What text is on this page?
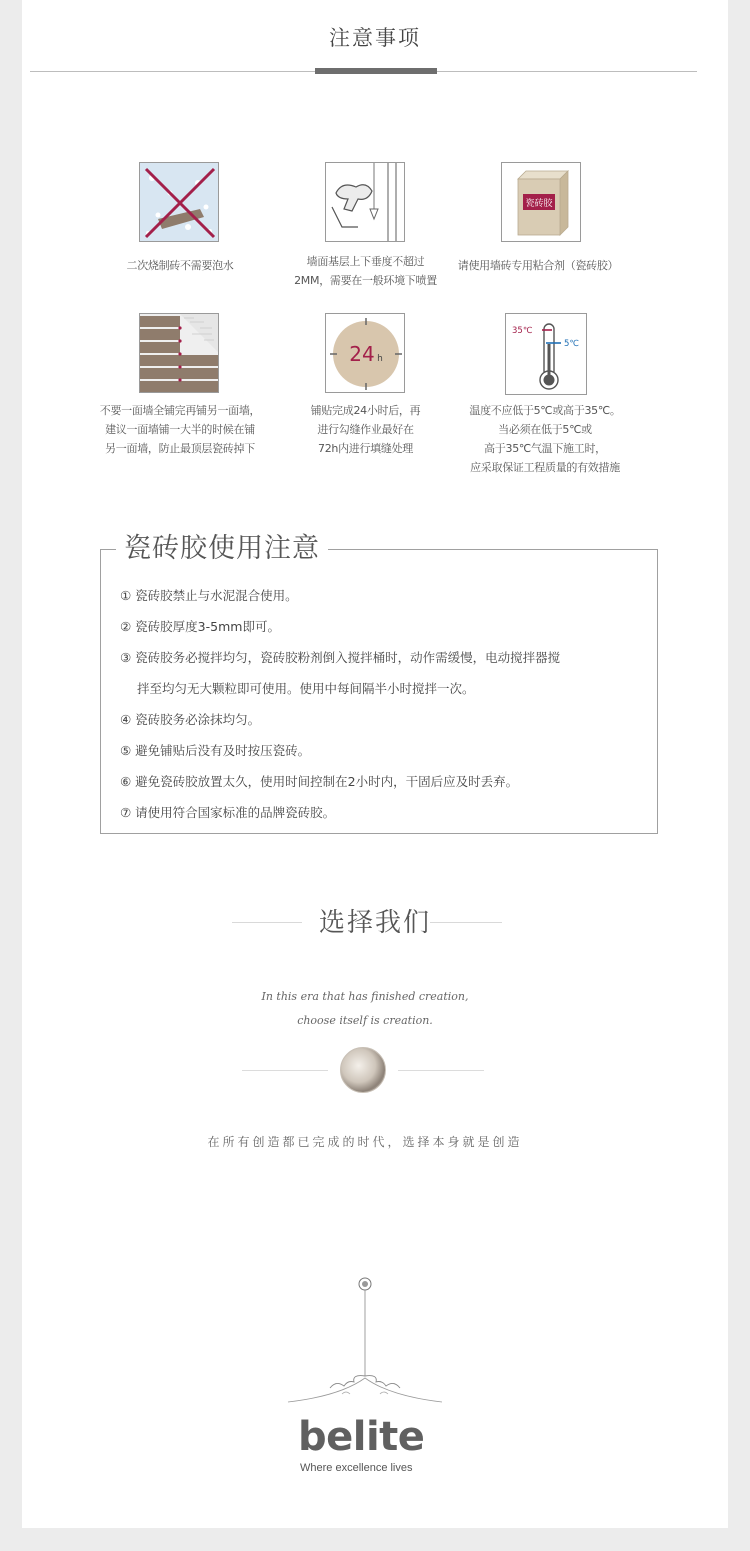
注意事项
二次烧制砖不需要泡水	墙面基层上下垂度不超过
2MM，需要在一般环境下喷置
瓷砖胶
请使用墙砖专用粘合剂（瓷砖胶）
不要一面墙全铺完再铺另一面墙，
建议一面墙铺一大半的时候在铺
另一面墙，防止最顶层瓷砖掉下
24 h
铺贴完成24小时后，再
进行勾缝作业最好在
72h内进行填缝处理
35℃
5℃
温度不应低于5℃或高于35℃。
当必须在低于5℃或
高于35℃气温下施工时，
应采取保证工程质量的有效措施
瓷砖胶使用注意
① 瓷砖胶禁止与水泥混合使用。
② 瓷砖胶厚度3-5mm即可。
③ 瓷砖胶务必搅拌均匀，瓷砖胶粉剂倒入搅拌桶时，动作需缓慢，电动搅拌器搅
拌至均匀无大颗粒即可使用。使用中每间隔半小时搅拌一次。
④ 瓷砖胶务必涂抹均匀。
⑤ 避免铺贴后没有及时按压瓷砖。
⑥ 避免瓷砖胶放置太久，使用时间控制在2小时内，干固后应及时丢弃。
⑦ 请使用符合国家标准的品牌瓷砖胶。
选择我们
In this era that has finished creation,
choose itself is creation.
在所有创造都已完成的时代，选择本身就是创造
belite
Where excellence lives
